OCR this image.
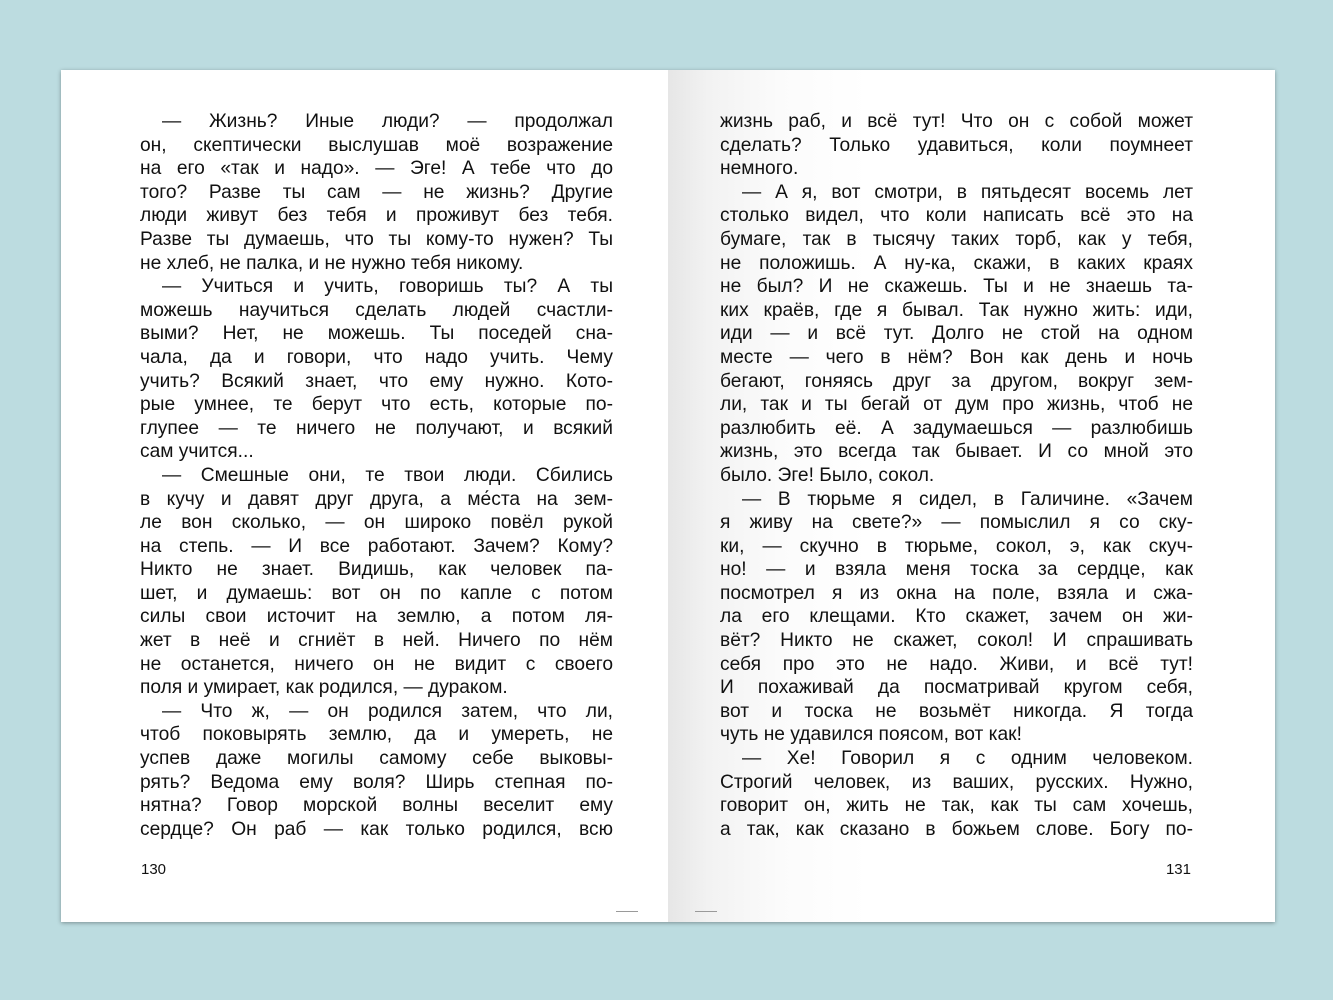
— Жизнь? Иные люди? — продолжал
он, скептически выслушав моё возражение
на его «так и надо». — Эге! А тебе что до
того? Разве ты сам — не жизнь? Другие
люди живут без тебя и проживут без тебя.
Разве ты думаешь, что ты кому-то нужен? Ты
не хлеб, не палка, и не нужно тебя никому.
— Учиться и учить, говоришь ты? А ты
можешь научиться сделать людей счастли-
выми? Нет, не можешь. Ты поседей сна-
чала, да и говори, что надо учить. Чему
учить? Всякий знает, что ему нужно. Кото-
рые умнее, те берут что есть, которые по-
глупее — те ничего не получают, и всякий
сам учится...
— Смешные они, те твои люди. Сбились
в кучу и давят друг друга, а ме́ста на зем-
ле вон сколько, — он широко повёл рукой
на степь. — И все работают. Зачем? Кому?
Никто не знает. Видишь, как человек па-
шет, и думаешь: вот он по капле с потом
силы свои источит на землю, а потом ля-
жет в неё и сгниёт в ней. Ничего по нём
не останется, ничего он не видит с своего
поля и умирает, как родился, — дураком.
— Что ж, — он родился затем, что ли,
чтоб поковырять землю, да и умереть, не
успев даже могилы самому себе выковы-
рять? Ведома ему воля? Ширь степная по-
нятна? Говор морской волны веселит ему
сердце? Он раб — как только родился, всю
130
жизнь раб, и всё тут! Что он с собой может
сделать? Только удавиться, коли поумнеет
немного.
— А я, вот смотри, в пятьдесят восемь лет
столько видел, что коли написать всё это на
бумаге, так в тысячу таких торб, как у тебя,
не положишь. А ну-ка, скажи, в каких краях
не был? И не скажешь. Ты и не знаешь та-
ких краёв, где я бывал. Так нужно жить: иди,
иди — и всё тут. Долго не стой на одном
месте — чего в нём? Вон как день и ночь
бегают, гоняясь друг за другом, вокруг зем-
ли, так и ты бегай от дум про жизнь, чтоб не
разлюбить её. А задумаешься — разлюбишь
жизнь, это всегда так бывает. И со мной это
было. Эге! Было, сокол.
— В тюрьме я сидел, в Галичине. «Зачем
я живу на свете?» — помыслил я со ску-
ки, — скучно в тюрьме, сокол, э, как скуч-
но! — и взяла меня тоска за сердце, как
посмотрел я из окна на поле, взяла и сжа-
ла его клещами. Кто скажет, зачем он жи-
вёт? Никто не скажет, сокол! И спрашивать
себя про это не надо. Живи, и всё тут!
И похаживай да посматривай кругом себя,
вот и тоска не возьмёт никогда. Я тогда
чуть не удавился поясом, вот как!
— Хе! Говорил я с одним человеком.
Строгий человек, из ваших, русских. Нужно,
говорит он, жить не так, как ты сам хочешь,
а так, как сказано в божьем слове. Богу по-
131
